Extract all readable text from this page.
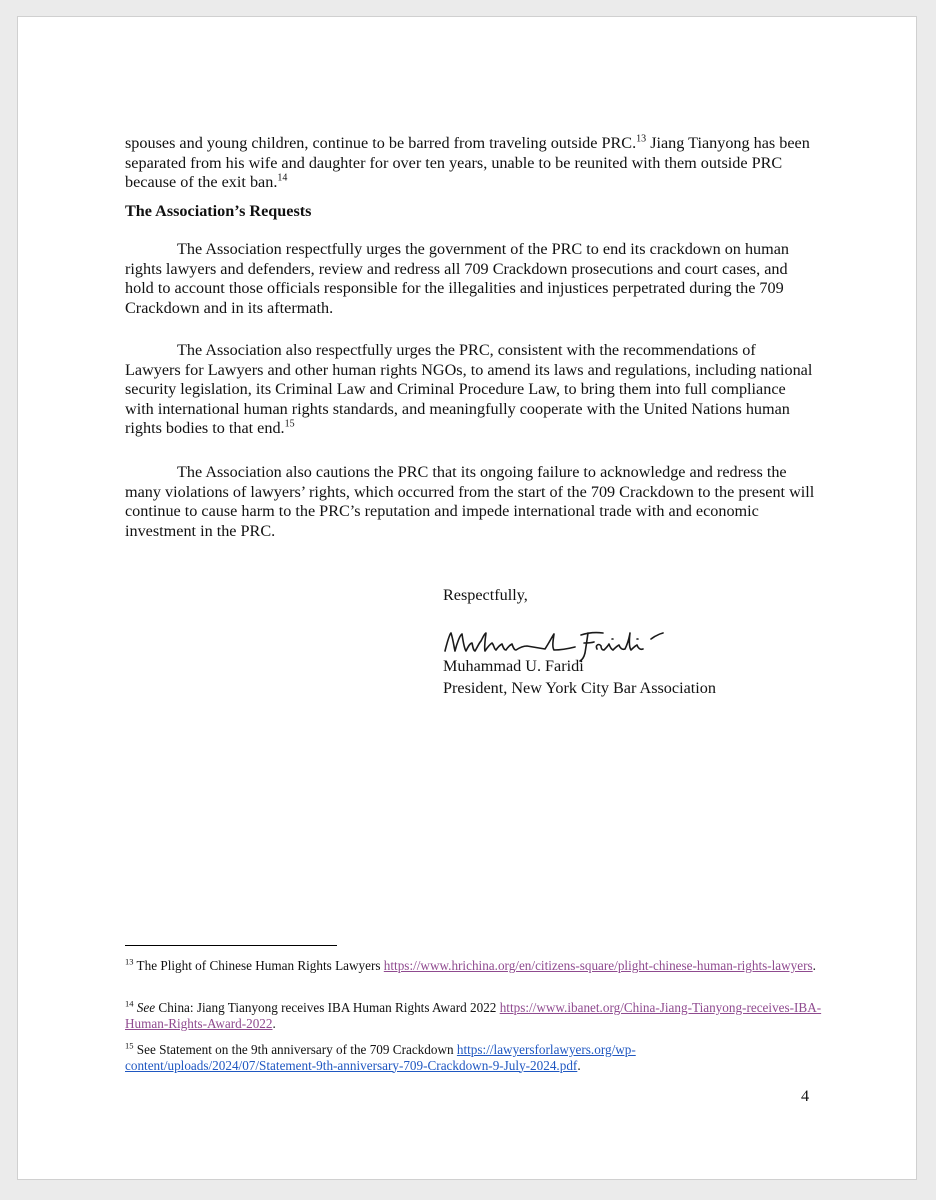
spouses and young children, continue to be barred from traveling outside PRC.$^{13}$ Jiang Tianyong has been separated from his wife and daughter for over ten years, unable to be reunited with them outside PRC because of the exit ban.$^{14}$

The Association’s Requests

The Association respectfully urges the government of the PRC to end its crackdown on human rights lawyers and defenders, review and redress all 709 Crackdown prosecutions and court cases, and hold to account those officials responsible for the illegalities and injustices perpetrated during the 709 Crackdown and in its aftermath.

The Association also respectfully urges the PRC, consistent with the recommendations of Lawyers for Lawyers and other human rights NGOs, to amend its laws and regulations, including national security legislation, its Criminal Law and Criminal Procedure Law, to bring them into full compliance with international human rights standards, and meaningfully cooperate with the United Nations human rights bodies to that end.$^{15}$

The Association also cautions the PRC that its ongoing failure to acknowledge and redress the many violations of lawyers’ rights, which occurred from the start of the 709 Crackdown to the present will continue to cause harm to the PRC’s reputation and impede international trade with and economic investment in the PRC.

Respectfully,
Muhammad Faridi
Muhammad U. Faridi
President, New York City Bar Association
$^{13}$ The Plight of Chinese Human Rights Lawyers https://www.hrichina.org/en/citizens-square/plight-chinese-human-rights-lawyers.
$^{14}$ See China: Jiang Tianyong receives IBA Human Rights Award 2022 https://www.ibanet.org/China-Jiang-Tianyong-receives-IBA-Human-Rights-Award-2022.
$^{15}$ See Statement on the 9th anniversary of the 709 Crackdown https://lawyersforlawyers.org/wp-content/uploads/2024/07/Statement-9th-anniversary-709-Crackdown-9-July-2024.pdf.
4
